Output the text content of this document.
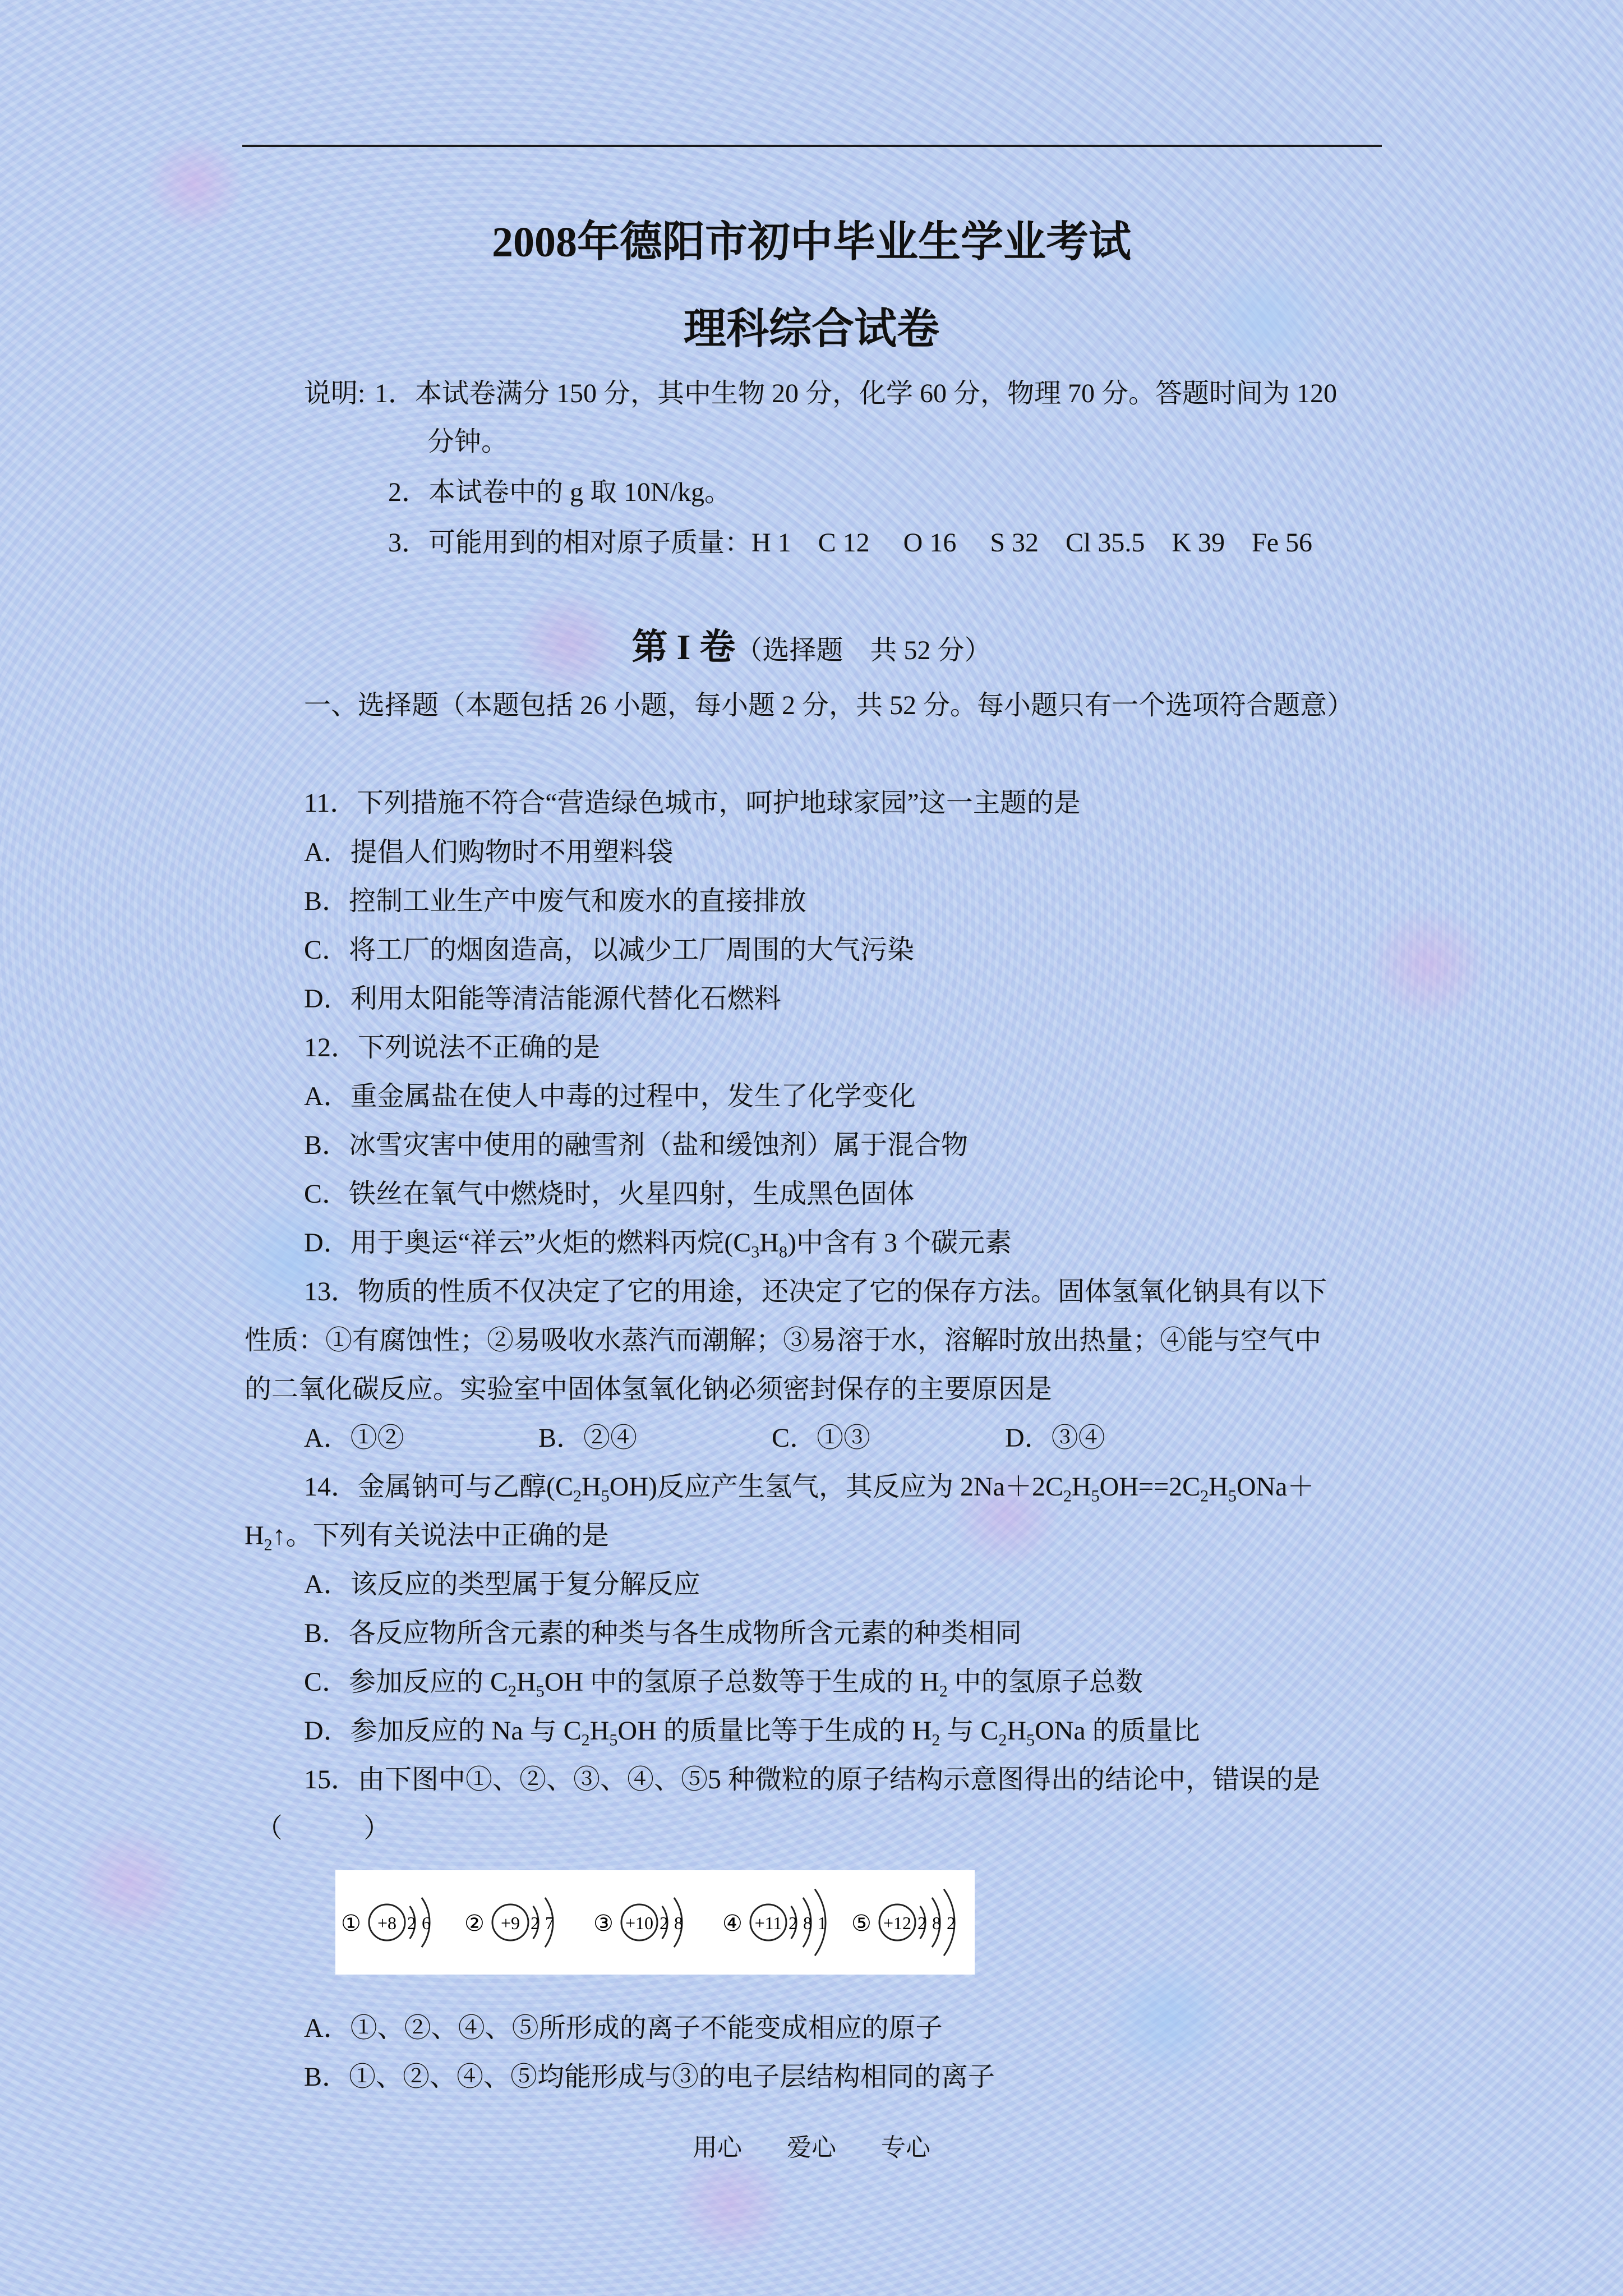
2008年德阳市初中毕业生学业考试
理科综合试卷
说明: 1．本试卷满分 150 分，其中生物 20 分，化学 60 分，物理 70 分。答题时间为 120
分钟。
2．本试卷中的 g 取 10N/kg。
3．可能用到的相对原子质量：H 1    C 12     O 16     S 32    Cl 35.5    K 39    Fe 56
第 I 卷（选择题　共 52 分）
一、选择题（本题包括 26 小题，每小题 2 分，共 52 分。每小题只有一个选项符合题意）
11．下列措施不符合“营造绿色城市，呵护地球家园”这一主题的是
A．提倡人们购物时不用塑料袋
B．控制工业生产中废气和废水的直接排放
C．将工厂的烟囱造高，以减少工厂周围的大气污染
D．利用太阳能等清洁能源代替化石燃料
12．下列说法不正确的是
A．重金属盐在使人中毒的过程中，发生了化学变化
B．冰雪灾害中使用的融雪剂（盐和缓蚀剂）属于混合物
C．铁丝在氧气中燃烧时，火星四射，生成黑色固体
D．用于奥运“祥云”火炬的燃料丙烷$(C_3H_8)$中含有 3 个碳元素
13．物质的性质不仅决定了它的用途，还决定了它的保存方法。固体氢氧化钠具有以下
性质：①有腐蚀性；②易吸收水蒸汽而潮解；③易溶于水，溶解时放出热量；④能与空气中
的二氧化碳反应。实验室中固体氢氧化钠必须密封保存的主要原因是
A．①②	B．②④	C．①③	D．③④
14．金属钠可与乙醇$(C_2H_5OH)$反应产生氢气，其反应为 $2Na+2C_2H_5OH==2C_2H_5ONa+$
$H_2↑$。下列有关说法中正确的是
A．该反应的类型属于复分解反应
B．各反应物所含元素的种类与各生成物所含元素的种类相同
C．参加反应的 $C_2H_5OH$ 中的氢原子总数等于生成的 $H_2$ 中的氢原子总数
D．参加反应的 Na 与 $C_2H_5OH$ 的质量比等于生成的 $H_2$ 与 $C_2H_5ONa$ 的质量比
15．由下图中①、②、③、④、⑤5 种微粒的原子结构示意图得出的结论中，错误的是
（　　　）
① +8 2 6 ② +9 2 7 ③ +10 2 8 ④ +11 2 8 1 ⑤ +12 2 8 2
A．①、②、④、⑤所形成的离子不能变成相应的原子
B．①、②、④、⑤均能形成与③的电子层结构相同的离子
用心 爱心 专心
